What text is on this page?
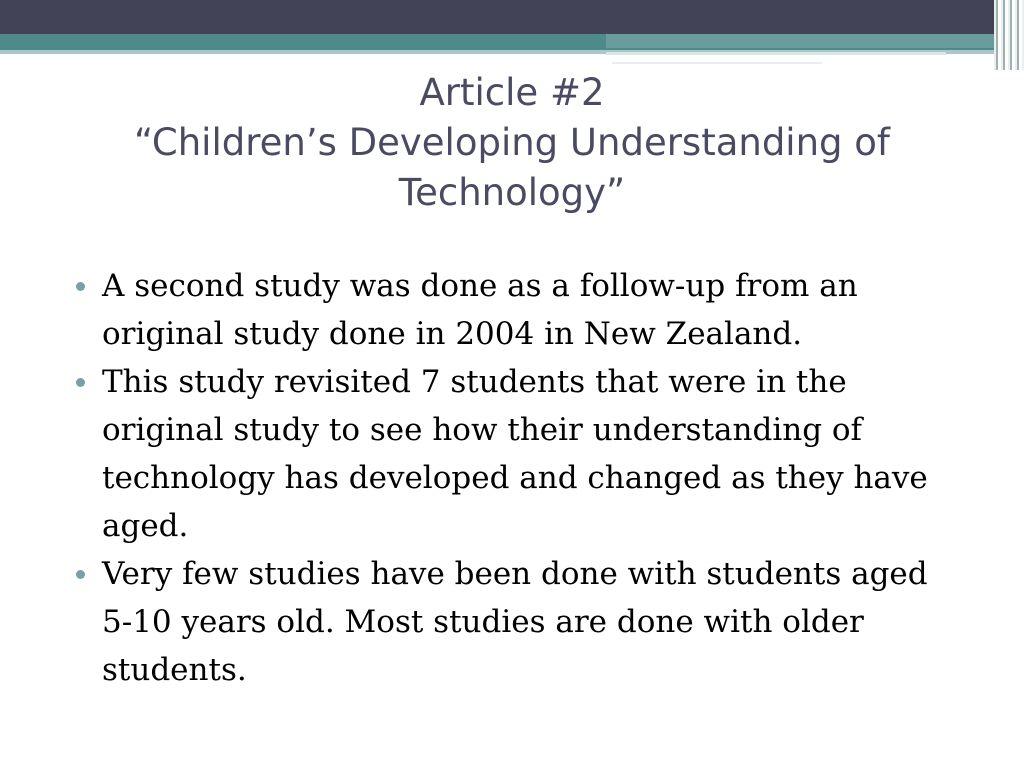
Article #2
“Children’s Developing Understanding of
Technology”
A second study was done as a follow-up from an original study done in 2004 in New Zealand.
This study revisited 7 students that were in the original study to see how their understanding of technology has developed and changed as they have aged.
Very few studies have been done with students aged 5-10 years old. Most studies are done with older students.
